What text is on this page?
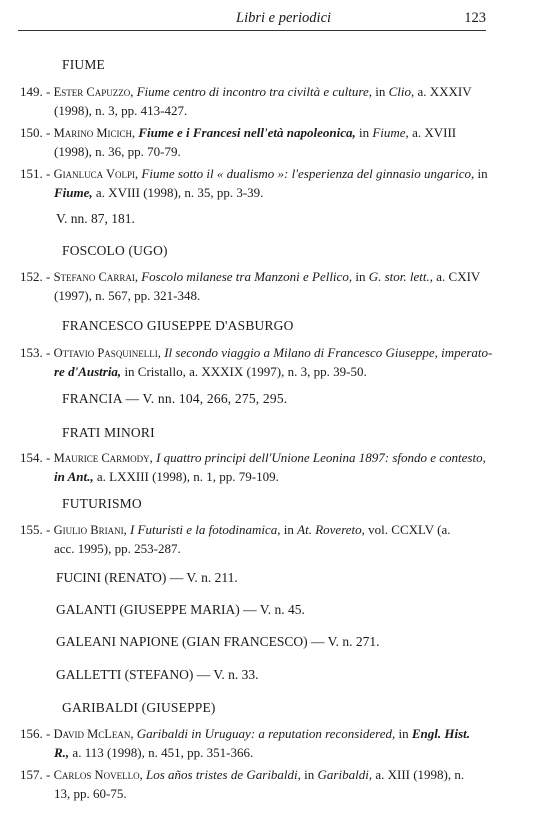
Libri e periodici	123
FIUME
149. - Ester Capuzzo, Fiume centro di incontro tra civiltà e culture, in Clio, a. XXXIV
(1998), n. 3, pp. 413-427.
150. - Marino Micich, Fiume e i Francesi nell'età napoleonica, in Fiume, a. XVIII
(1998), n. 36, pp. 70-79.
151. - Gianluca Volpi, Fiume sotto il « dualismo »: l'esperienza del ginnasio ungarico, in
Fiume, a. XVIII (1998), n. 35, pp. 3-39.
V. nn. 87, 181.
FOSCOLO (UGO)
152. - Stefano Carrai, Foscolo milanese tra Manzoni e Pellico, in G. stor. lett., a. CXIV
(1997), n. 567, pp. 321-348.
FRANCESCO GIUSEPPE D'ASBURGO
153. - Ottavio Pasquinelli, Il secondo viaggio a Milano di Francesco Giuseppe, imperato-
re d'Austria, in Cristallo, a. XXXIX (1997), n. 3, pp. 39-50.
FRANCIA — V. nn. 104, 266, 275, 295.
FRATI MINORI
154. - Maurice Carmody, I quattro principi dell'Unione Leonina 1897: sfondo e contesto,
in Ant., a. LXXIII (1998), n. 1, pp. 79-109.
FUTURISMO
155. - Giulio Briani, I Futuristi e la fotodinamica, in At. Rovereto, vol. CCXLV (a.
acc. 1995), pp. 253-287.
FUCINI (RENATO) — V. n. 211.
GALANTI (GIUSEPPE MARIA) — V. n. 45.
GALEANI NAPIONE (GIAN FRANCESCO) — V. n. 271.
GALLETTI (STEFANO) — V. n. 33.
GARIBALDI (GIUSEPPE)
156. - David McLean, Garibaldi in Uruguay: a reputation reconsidered, in Engl. Hist.
R., a. 113 (1998), n. 451, pp. 351-366.
157. - Carlos Novello, Los años tristes de Garibaldi, in Garibaldi, a. XIII (1998), n.
13, pp. 60-75.
